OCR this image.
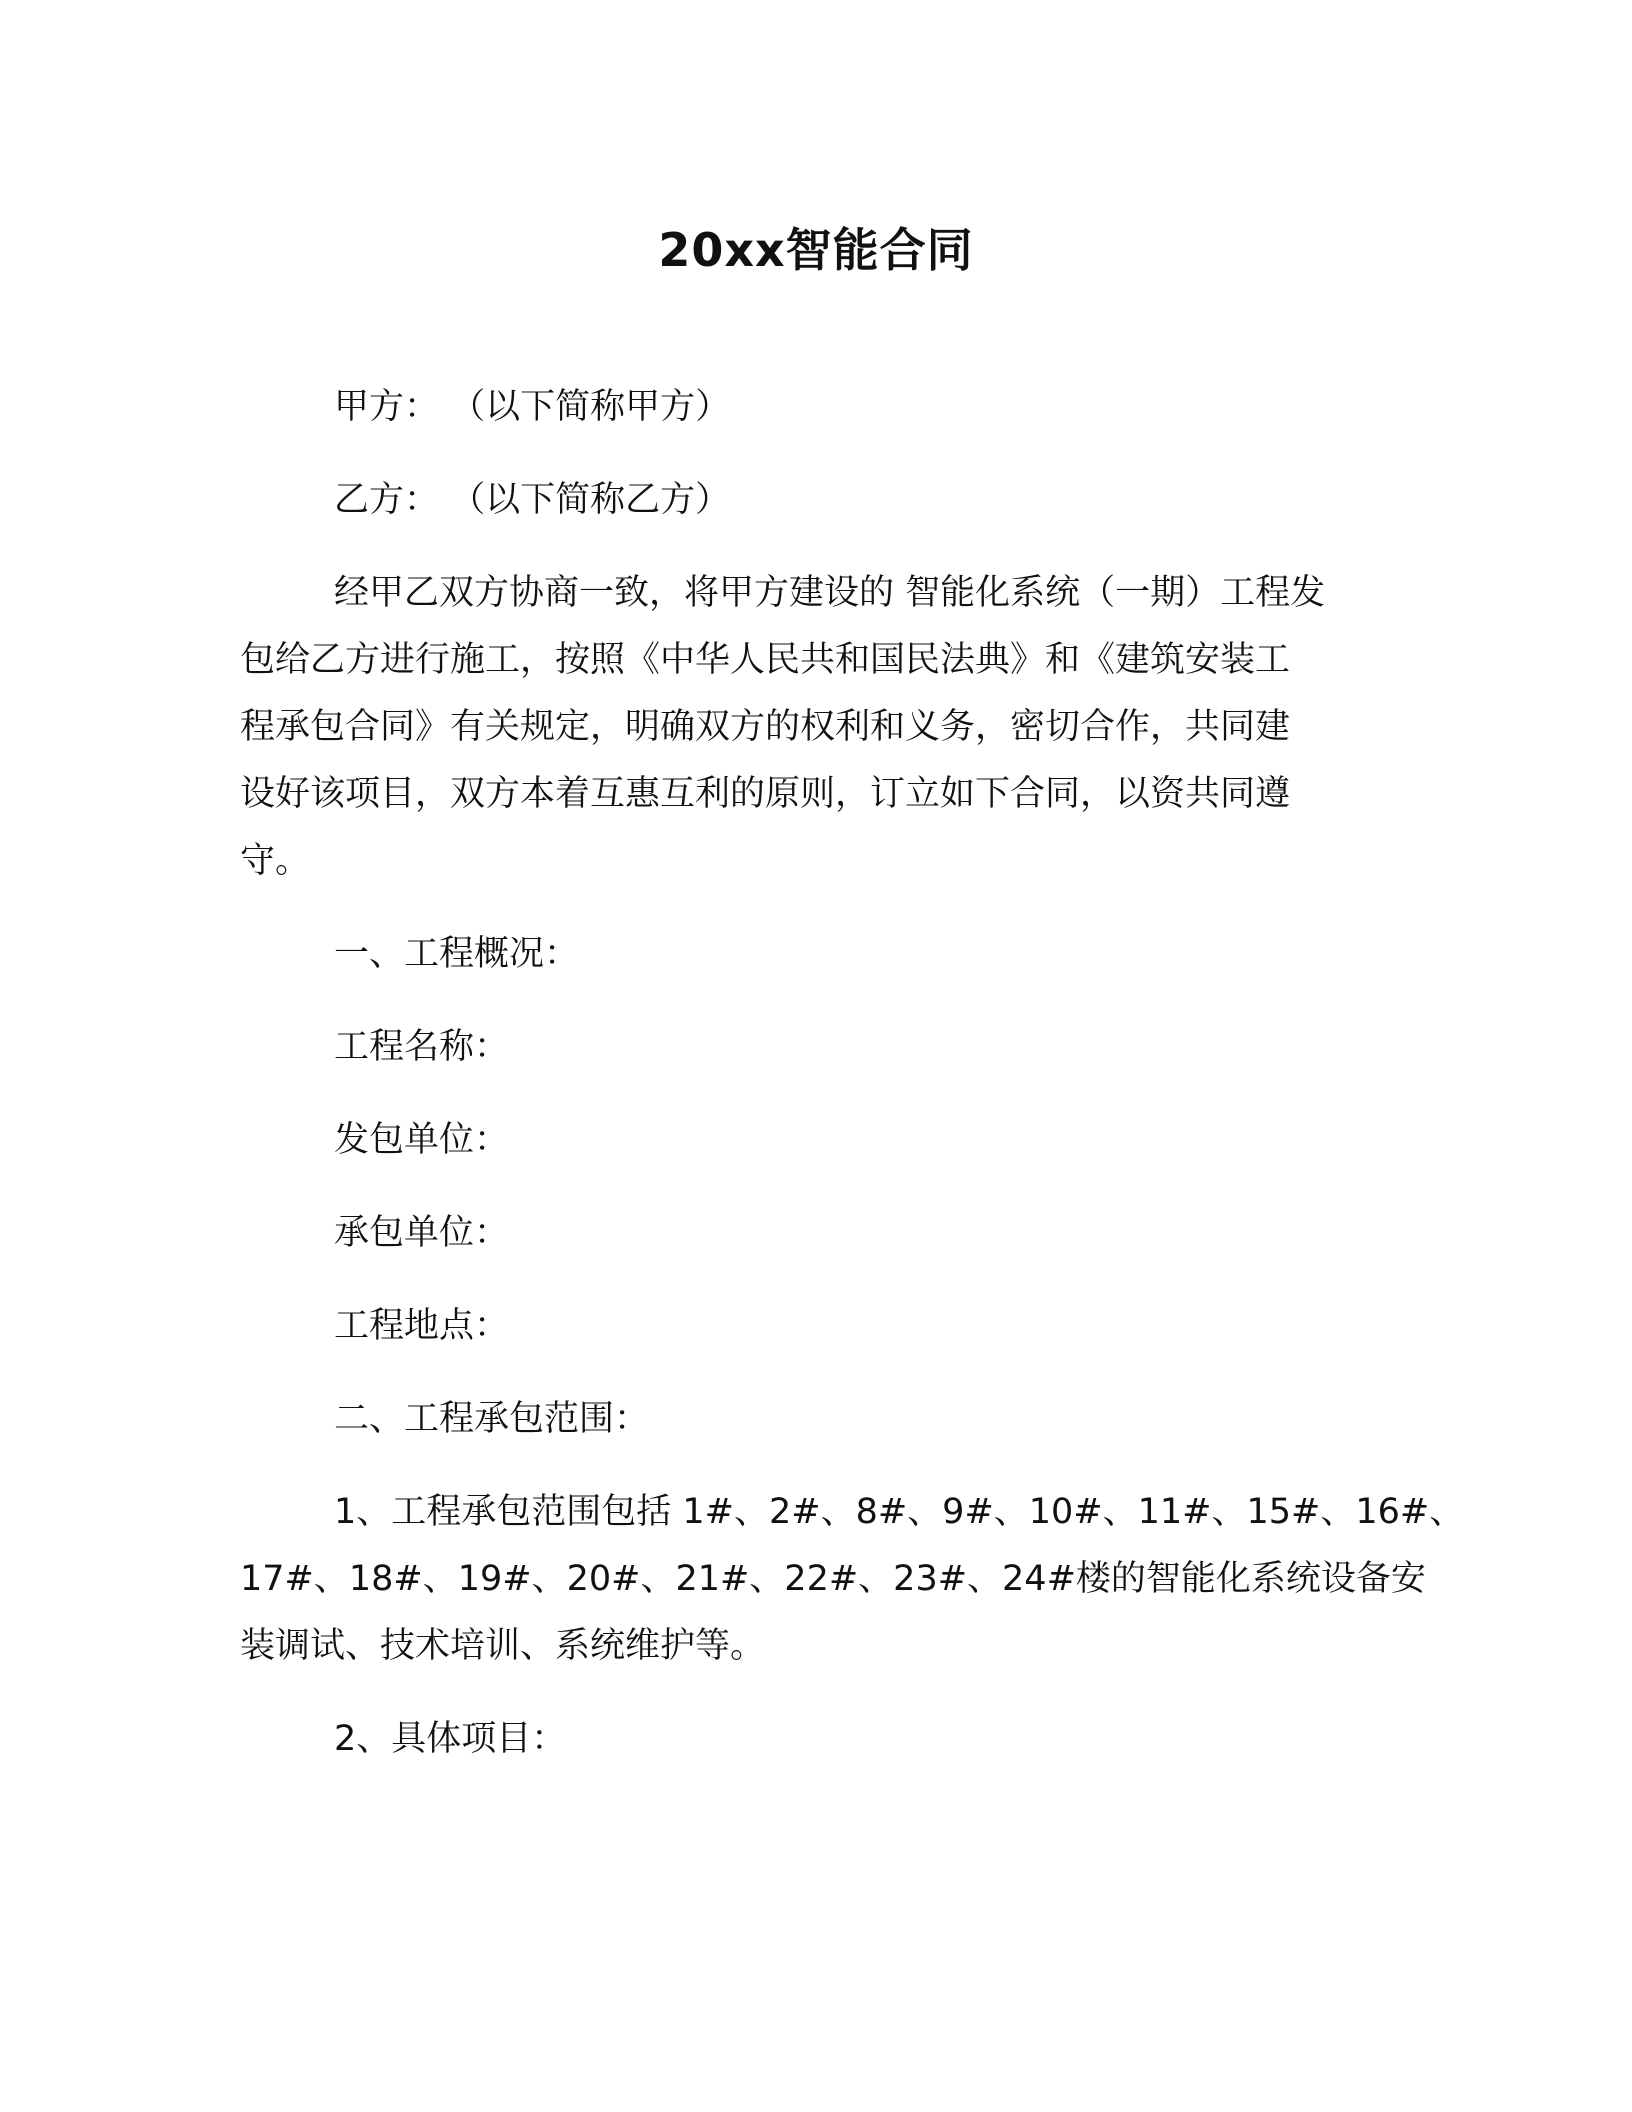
20xx智能合同
甲方： （以下简称甲方）
乙方： （以下简称乙方）
经甲乙双方协商一致，将甲方建设的 智能化系统（一期）工程发
包给乙方进行施工，按照《中华人民共和国民法典》和《建筑安装工
程承包合同》有关规定，明确双方的权利和义务，密切合作，共同建
设好该项目，双方本着互惠互利的原则，订立如下合同，以资共同遵
守。
一、工程概况：
工程名称：
发包单位：
承包单位：
工程地点：
二、工程承包范围：
1、工程承包范围包括 1#、2#、8#、9#、10#、11#、15#、16#、
17#、18#、19#、20#、21#、22#、23#、24#楼的智能化系统设备安
装调试、技术培训、系统维护等。
2、具体项目：
